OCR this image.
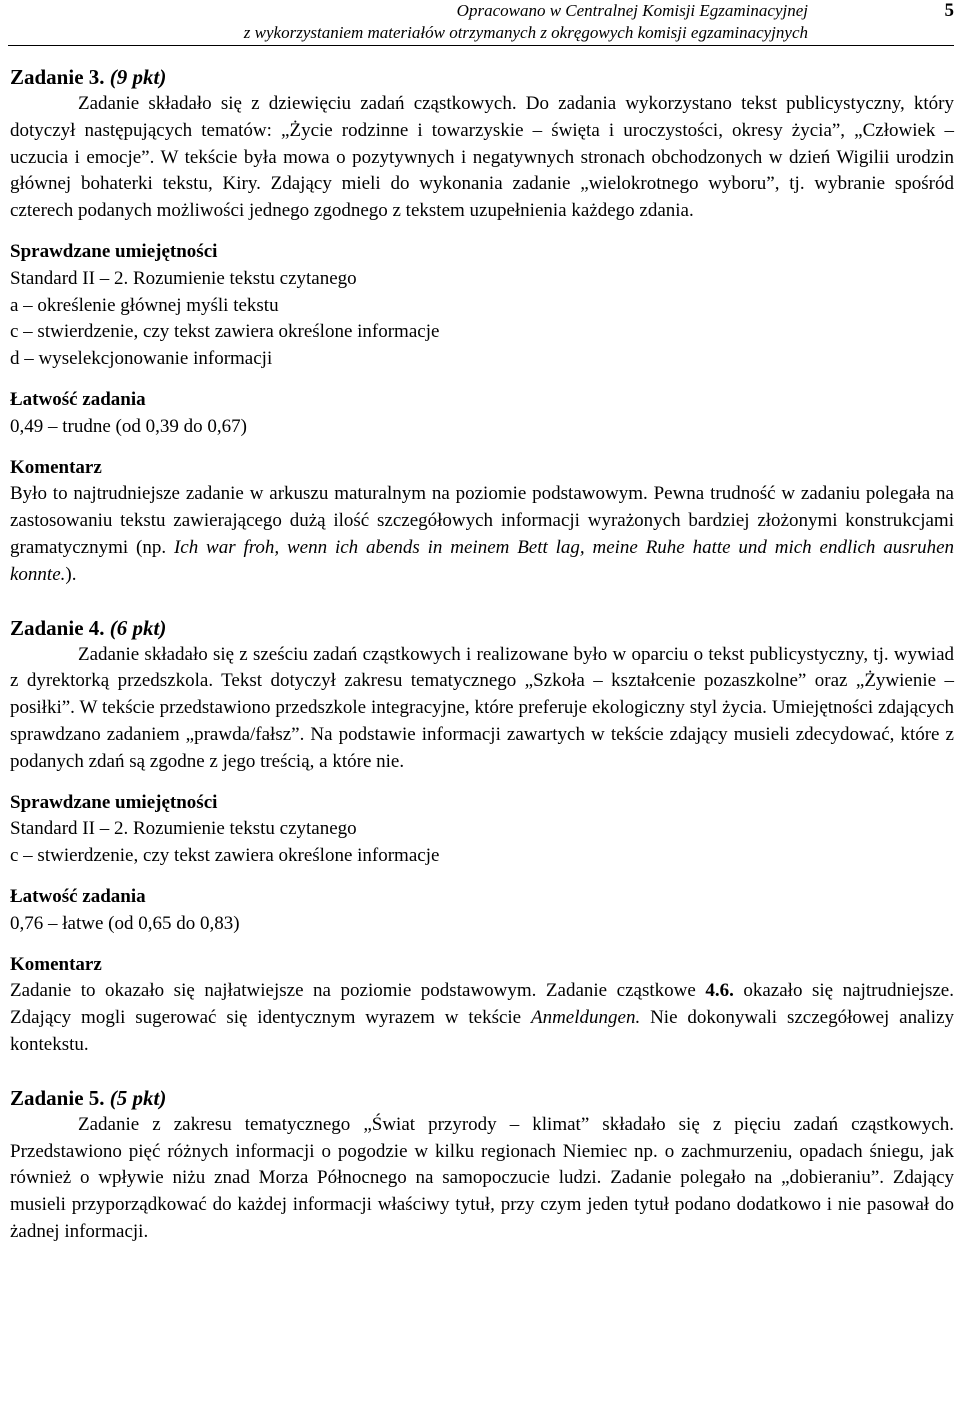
Opracowano w Centralnej Komisji Egzaminacyjnej
z wykorzystaniem materiałów otrzymanych z okręgowych komisji egzaminacyjnych
5

Zadanie 3. (9 pkt)

Zadanie składało się z dziewięciu zadań cząstkowych. Do zadania wykorzystano tekst publicystyczny, który dotyczył następujących tematów: „Życie rodzinne i towarzyskie – święta i uroczystości, okresy życia”, „Człowiek – uczucia i emocje”. W tekście była mowa o pozytywnych i negatywnych stronach obchodzonych w dzień Wigilii urodzin głównej bohaterki tekstu, Kiry. Zdający mieli do wykonania zadanie „wielokrotnego wyboru”, tj. wybranie spośród czterech podanych możliwości jednego zgodnego z tekstem uzupełnienia każdego zdania.

Sprawdzane umiejętności

Standard II – 2. Rozumienie tekstu czytanego

a – określenie głównej myśli tekstu

c – stwierdzenie, czy tekst zawiera określone informacje

d – wyselekcjonowanie informacji

Łatwość zadania

0,49 – trudne (od 0,39 do 0,67)

Komentarz

Było to najtrudniejsze zadanie w arkuszu maturalnym na poziomie podstawowym. Pewna trudność w zadaniu polegała na zastosowaniu tekstu zawierającego dużą ilość szczegółowych informacji wyrażonych bardziej złożonymi konstrukcjami gramatycznymi (np. Ich war froh, wenn ich abends in meinem Bett lag, meine Ruhe hatte und mich endlich ausruhen konnte.).

Zadanie 4. (6 pkt)

Zadanie składało się z sześciu zadań cząstkowych i realizowane było w oparciu o tekst publicystyczny, tj. wywiad z dyrektorką przedszkola. Tekst dotyczył zakresu tematycznego „Szkoła – kształcenie pozaszkolne” oraz „Żywienie – posiłki”. W tekście przedstawiono przedszkole integracyjne, które preferuje ekologiczny styl życia. Umiejętności zdających sprawdzano zadaniem „prawda/fałsz”. Na podstawie informacji zawartych w tekście zdający musieli zdecydować, które z podanych zdań są zgodne z jego treścią, a które nie.

Sprawdzane umiejętności

Standard II – 2. Rozumienie tekstu czytanego

c – stwierdzenie, czy tekst zawiera określone informacje

Łatwość zadania

0,76 – łatwe (od 0,65 do 0,83)

Komentarz

Zadanie to okazało się najłatwiejsze na poziomie podstawowym. Zadanie cząstkowe 4.6. okazało się najtrudniejsze. Zdający mogli sugerować się identycznym wyrazem w tekście Anmeldungen. Nie dokonywali szczegółowej analizy kontekstu.

Zadanie 5. (5 pkt)

Zadanie z zakresu tematycznego „Świat przyrody – klimat” składało się z pięciu zadań cząstkowych. Przedstawiono pięć różnych informacji o pogodzie w kilku regionach Niemiec np. o zachmurzeniu, opadach śniegu, jak również o wpływie niżu znad Morza Północnego na samopoczucie ludzi. Zadanie polegało na „dobieraniu”. Zdający musieli przyporządkować do każdej informacji właściwy tytuł, przy czym jeden tytuł podano dodatkowo i nie pasował do żadnej informacji.
